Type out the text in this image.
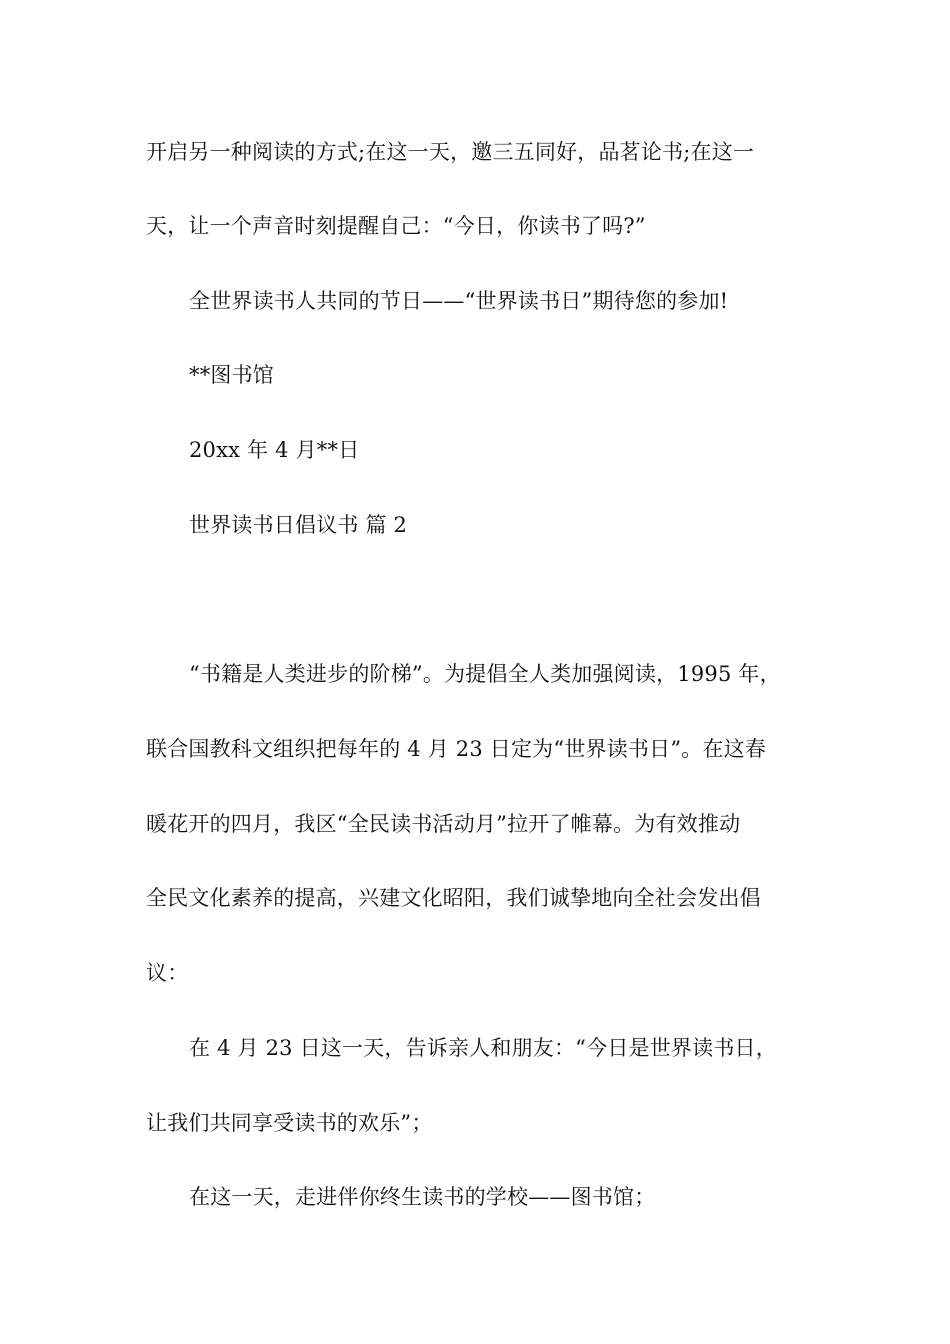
开启另一种阅读的方式;在这一天，邀三五同好，品茗论书;在这一
天，让一个声音时刻提醒自己：“今日，你读书了吗?”
全世界读书人共同的节日——“世界读书日”期待您的参加!
**图书馆
20xx 年 4 月**日
世界读书日倡议书 篇 2
“书籍是人类进步的阶梯”。为提倡全人类加强阅读，1995 年，
联合国教科文组织把每年的 4 月 23 日定为“世界读书日”。在这春
暖花开的四月，我区“全民读书活动月”拉开了帷幕。为有效推动
全民文化素养的提高，兴建文化昭阳，我们诚挚地向全社会发出倡
议：
在 4 月 23 日这一天，告诉亲人和朋友：“今日是世界读书日，
让我们共同享受读书的欢乐”；
在这一天，走进伴你终生读书的学校——图书馆；
